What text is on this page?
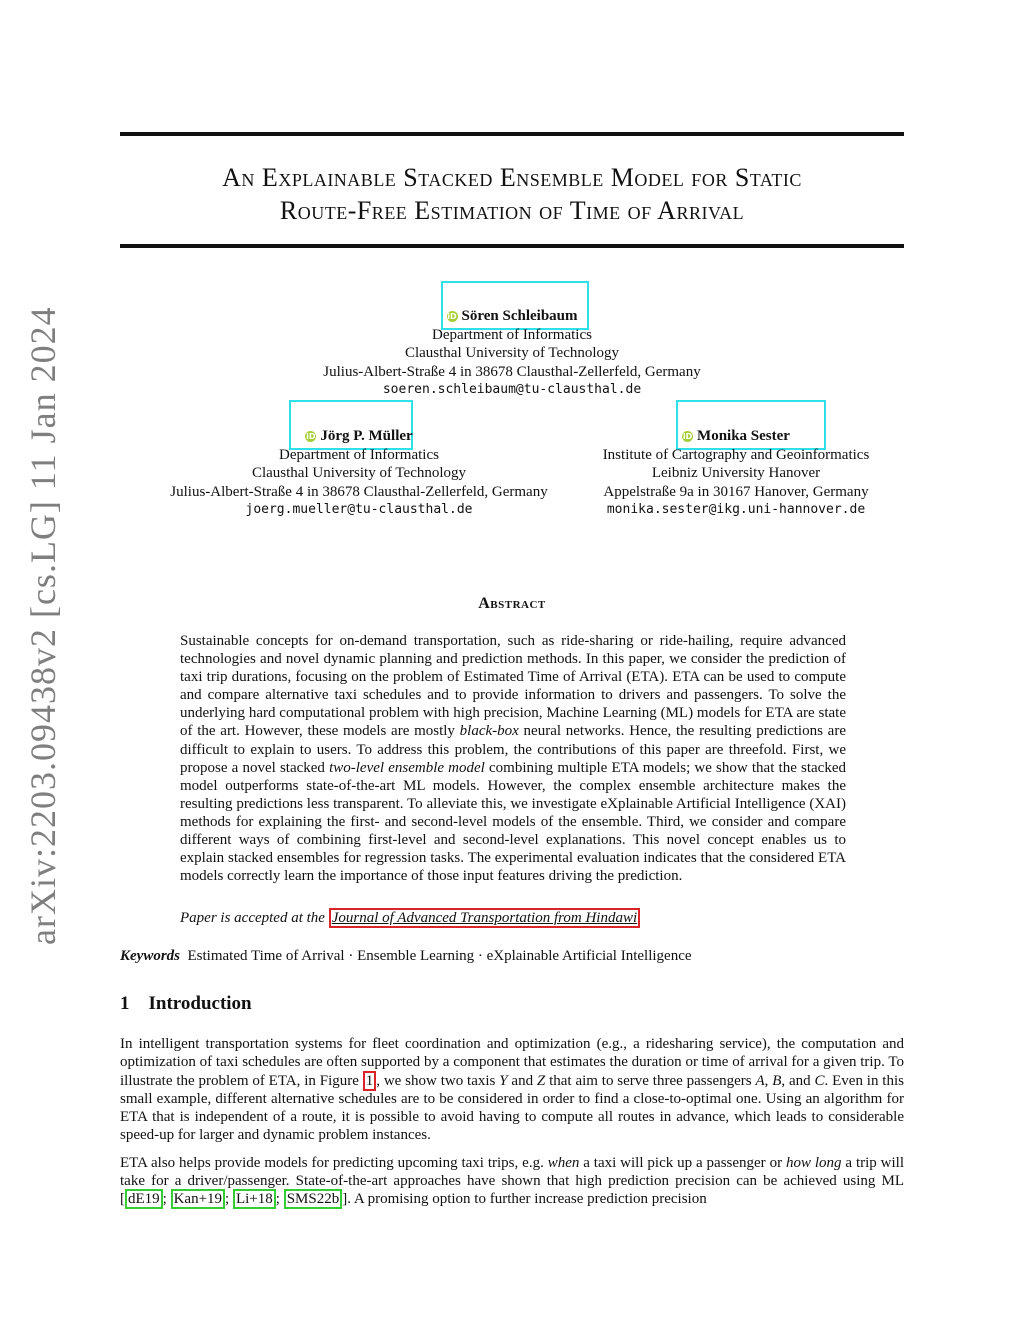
arXiv:2203.09438v2 [cs.LG] 11 Jan 2024
An Explainable Stacked Ensemble Model for Static
Route-Free Estimation of Time of Arrival
iD Sören Schleibaum
Department of Informatics
Clausthal University of Technology
Julius-Albert-Straße 4 in 38678 Clausthal-Zellerfeld, Germany
soeren.schleibaum@tu-clausthal.de
iD Jörg P. Müller
Department of Informatics
Clausthal University of Technology
Julius-Albert-Straße 4 in 38678 Clausthal-Zellerfeld, Germany
joerg.mueller@tu-clausthal.de
iD Monika Sester
Institute of Cartography and Geoinformatics
Leibniz University Hanover
Appelstraße 9a in 30167 Hanover, Germany
monika.sester@ikg.uni-hannover.de
Abstract

Sustainable concepts for on-demand transportation, such as ride-sharing or ride-hailing, require advanced technologies and novel dynamic planning and prediction methods. In this paper, we consider the prediction of taxi trip durations, focusing on the problem of Estimated Time of Arrival (ETA). ETA can be used to compute and compare alternative taxi schedules and to provide information to drivers and passengers. To solve the underlying hard computational problem with high precision, Machine Learning (ML) models for ETA are state of the art. However, these models are mostly black-box neural networks. Hence, the resulting predictions are difficult to explain to users. To address this problem, the contributions of this paper are threefold. First, we propose a novel stacked two-level ensemble model combining multiple ETA models; we show that the stacked model outperforms state-of-the-art ML models. However, the complex ensemble architecture makes the resulting predictions less transparent. To alleviate this, we investigate eXplainable Artificial Intelligence (XAI) methods for explaining the first- and second-level models of the ensemble. Third, we consider and compare different ways of combining first-level and second-level explanations. This novel concept enables us to explain stacked ensembles for regression tasks. The experimental evaluation indicates that the considered ETA models correctly learn the importance of those input features driving the prediction.

Paper is accepted at the Journal of Advanced Transportation from Hindawi
Keywords Estimated Time of Arrival · Ensemble Learning · eXplainable Artificial Intelligence
1 Introduction

In intelligent transportation systems for fleet coordination and optimization (e.g., a ridesharing service), the computation and optimization of taxi schedules are often supported by a component that estimates the duration or time of arrival for a given trip. To illustrate the problem of ETA, in Figure 1 , we show two taxis Y and Z that aim to serve three passengers A, B, and C. Even in this small example, different alternative schedules are to be considered in order to find a close-to-optimal one. Using an algorithm for ETA that is independent of a route, it is possible to avoid having to compute all routes in advance, which leads to considerable speed-up for larger and dynamic problem instances.

ETA also helps provide models for predicting upcoming taxi trips, e.g. when a taxi will pick up a passenger or how long a trip will take for a driver/passenger. State-of-the-art approaches have shown that high prediction precision can be achieved using ML [ dE19 ; Kan+19 ; Li+18 ; SMS22b ]. A promising option to further increase prediction precision
